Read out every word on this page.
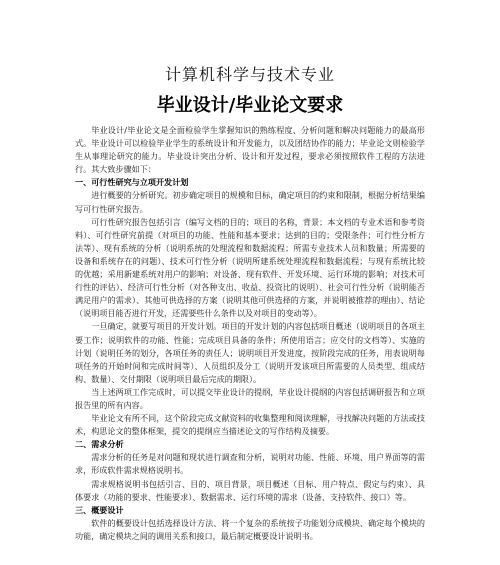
计算机科学与技术专业
毕业设计/毕业论文要求

毕业设计/毕业论文是全面检验学生掌握知识的熟练程度、分析问题和解决问题能力的最高形式。毕业设计可以检验毕业学生的系统设计和开发能力，以及团结协作的能力；毕业论文则检验学生从事理论研究的能力。毕业设计突出分析、设计和开发过程，要求必须按照软件工程的方法进行。其大致步骤如下：

一、可行性研究与立项开发计划

进行概要的分析研究。初步确定项目的规模和目标，确定项目的约束和限制，根据分析结果编写可行性研究报告。

可行性研究报告包括引言（编写文档的目的；项目的名称，背景；本文档的专业术语和参考资料）、可行性研究前提（对项目的功能、性能和基本要求；达到的目的；受限条件；可行性分析方法等）、现有系统的分析（说明系统的处理流程和数据流程；所需专业技术人员和数量；所需要的设备和系统存在的问题）、技术可行性分析（说明所建系统处理流程和数据流程；与现有系统比较的优越；采用新建系统对用户的影响；对设备、现有软件、开发环境、运行环境的影响；对技术可行性的评估）、经济可行性分析（对各种支出、收益、投资比的说明）、社会可行性分析（说明能否满足用户的需求）、其他可供选择的方案（说明其他可供选择的方案，并说明被推荐的理由）、结论（说明项目能否进行开发，还需要些什么条件以及对项目的变动等）。

一旦确定，就要写项目的开发计划。项目的开发计划的内容包括项目概述（说明项目的各项主要工作；说明软件的功能、性能；完成项目具备的条件；所使用语言；应交付的文档等）、实施的计划（说明任务的划分，各项任务的责任人；说明项目开发进度，按阶段完成的任务，用表说明每项任务的开始时间和完成时间等）、人员组织及分工（说明开发该项目所需要的人员类型、组成结构、数量）、交付期限（说明项目最后完成的期限）。

当上述两项工作完成时，可以提交毕业设计的提纲，毕业设计提纲的内容包括调研报告和立项报告里的所有内容。

毕业论文有所不同，这个阶段完成文献资料的收集整理和阅读理解，寻找解决问题的方法或技术，构思论文的整体框架，提交的提纲应当描述论文的写作结构及摘要。

二、需求分析

需求分析的任务是对问题和现状进行调查和分析，说明对功能、性能、环境、用户界面等的需求，形成软件需求规格说明书。

需求规格说明书包括引言、目的、项目背景，项目概述（目标、用户特点、假定与约束）、具体要求（功能的要求、性能要求）、数据需求、运行环境的需求（设备、支持软件、接口）等。

三、概要设计

软件的概要设计包括选择设计方法、将一个复杂的系统按子功能划分成模块、确定每个模块的功能，确定模块之间的调用关系和接口，最后制定概要设计说明书。
